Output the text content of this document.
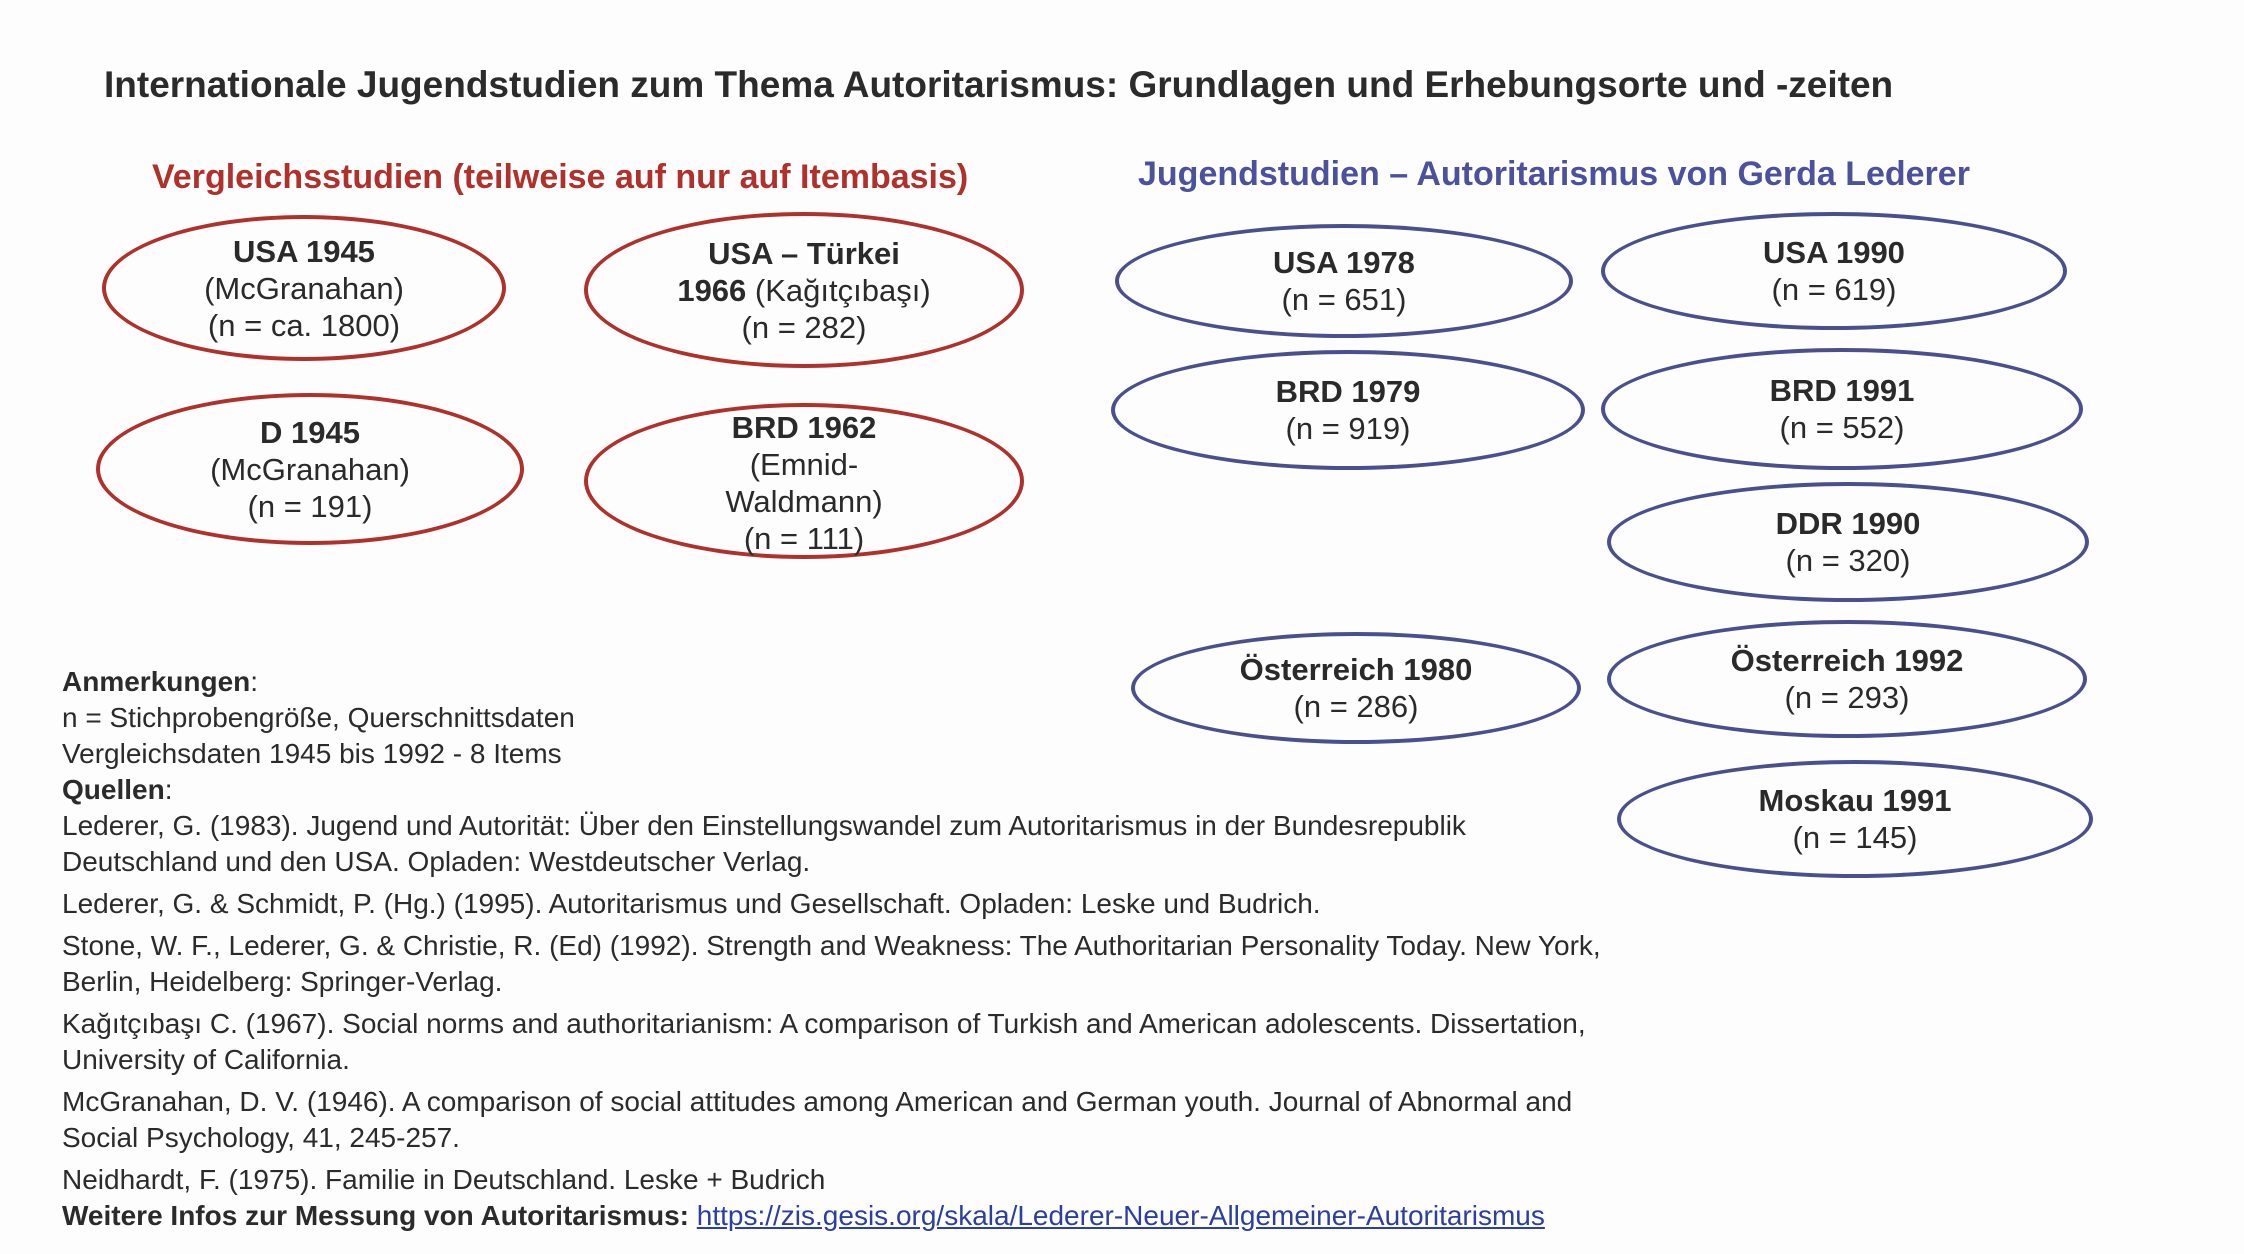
Internationale Jugendstudien zum Thema Autoritarismus: Grundlagen und Erhebungsorte und -zeiten
Vergleichsstudien (teilweise auf nur auf Itembasis)	Jugendstudien – Autoritarismus von Gerda Lederer
USA 1945
(McGranahan)
(n = ca. 1800)
USA – Türkei
1966 (Kağıtçıbaşı)
(n = 282)
D 1945
(McGranahan)
(n = 191)
BRD 1962
(Emnid-
Waldmann)
(n = 111)
USA 1978
(n = 651)
USA 1990
(n = 619)
BRD 1979
(n = 919)
BRD 1991
(n = 552)
DDR 1990
(n = 320)
Österreich 1980
(n = 286)
Österreich 1992
(n = 293)
Moskau 1991
(n = 145)

Anmerkungen:

n = Stichprobengröße, Querschnittsdaten

Vergleichsdaten 1945 bis 1992 - 8 Items

Quellen:

Lederer, G. (1983). Jugend und Autorität: Über den Einstellungswandel zum Autoritarismus in der Bundesrepublik

Deutschland und den USA. Opladen: Westdeutscher Verlag.

Lederer, G. & Schmidt, P. (Hg.) (1995). Autoritarismus und Gesellschaft. Opladen: Leske und Budrich.

Stone, W. F., Lederer, G. & Christie, R. (Ed) (1992). Strength and Weakness: The Authoritarian Personality Today. New York,

Berlin, Heidelberg: Springer-Verlag.

Kağıtçıbaşı C. (1967). Social norms and authoritarianism: A comparison of Turkish and American adolescents. Dissertation,

University of California.

McGranahan, D. V. (1946). A comparison of social attitudes among American and German youth. Journal of Abnormal and

Social Psychology, 41, 245-257.

Neidhardt, F. (1975). Familie in Deutschland. Leske + Budrich

Weitere Infos zur Messung von Autoritarismus: https://zis.gesis.org/skala/Lederer-Neuer-Allgemeiner-Autoritarismus
